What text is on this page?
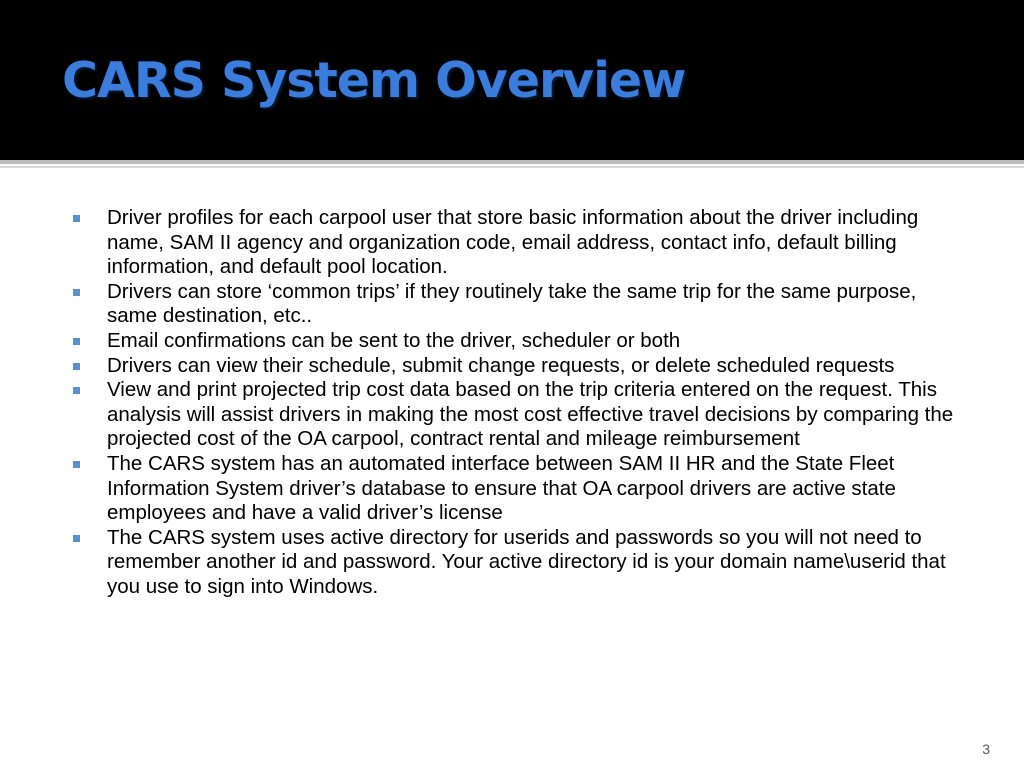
CARS System Overview
Driver profiles for each carpool user that store basic information about the driver including name, SAM II agency and organization code, email address, contact info, default billing information, and default pool location.
Drivers can store ‘common trips’ if they routinely take the same trip for the same purpose, same destination, etc..
Email confirmations can be sent to the driver, scheduler or both
Drivers can view their schedule, submit change requests, or delete scheduled requests
View and print projected trip cost data based on the trip criteria entered on the request. This analysis will assist drivers in making the most cost effective travel decisions by comparing the projected cost of the OA carpool, contract rental and mileage reimbursement
The CARS system has an automated interface between SAM II HR and the State Fleet Information System driver’s database to ensure that OA carpool drivers are active state employees and have a valid driver’s license
The CARS system uses active directory for userids and passwords so you will not need to remember another id and password. Your active directory id is your domain name\userid that you use to sign into Windows.
3
